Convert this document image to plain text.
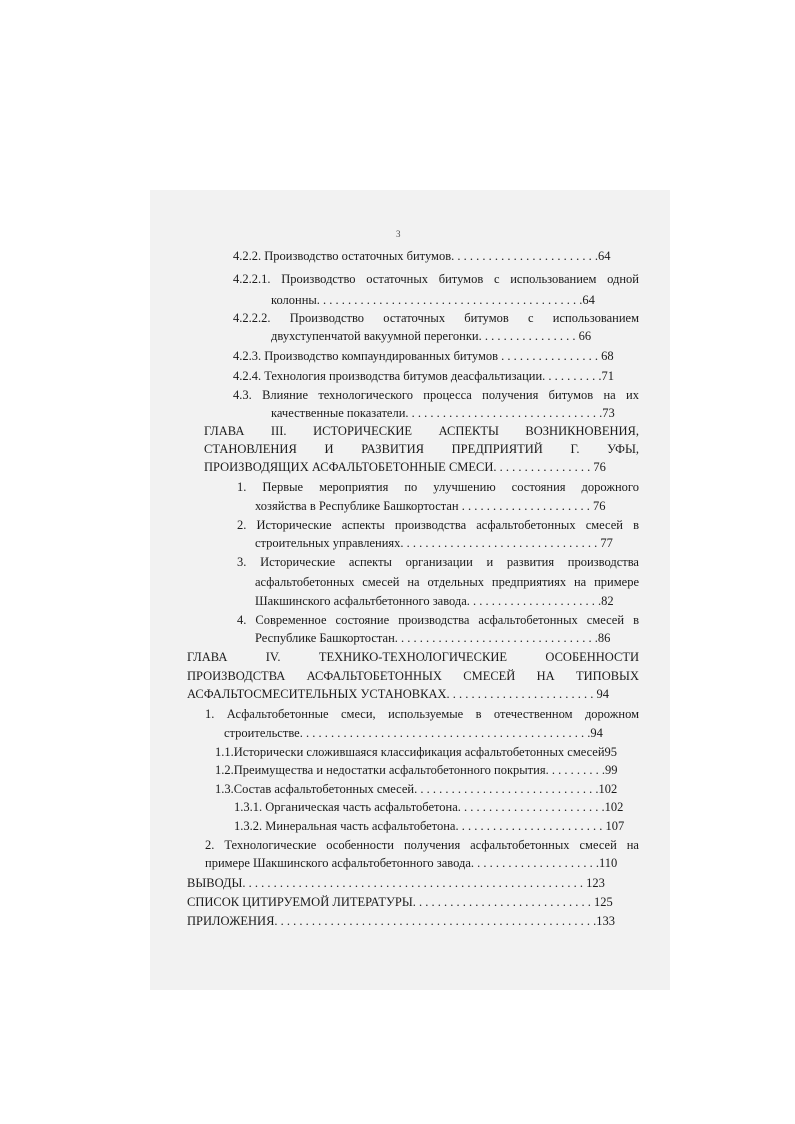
3
4.2.2. Производство остаточных битумов. . . . . . . . . . . . . . . . . . . . . . . .64
4.2.2.1. Производство остаточных битумов с использованием одной
колонны. . . . . . . . . . . . . . . . . . . . . . . . . . . . . . . . . . . . . . . . . . .64
4.2.2.2. Производство остаточных битумов с использованием
двухступенчатой вакуумной перегонки. . . . . . . . . . . . . . . . 66
4.2.3. Производство компаундированных битумов . . . . . . . . . . . . . . . . 68
4.2.4. Технология производства битумов деасфальтизации. . . . . . . . . .71
4.3. Влияние технологического процесса получения битумов на их
качественные показатели. . . . . . . . . . . . . . . . . . . . . . . . . . . . . . . .73
ГЛАВА III. ИСТОРИЧЕСКИЕ АСПЕКТЫ ВОЗНИКНОВЕНИЯ,
СТАНОВЛЕНИЯ И РАЗВИТИЯ ПРЕДПРИЯТИЙ Г. УФЫ,
ПРОИЗВОДЯЩИХ АСФАЛЬТОБЕТОННЫЕ СМЕСИ. . . . . . . . . . . . . . . . 76
1. Первые мероприятия по улучшению состояния дорожного
хозяйства в Республике Башкортостан . . . . . . . . . . . . . . . . . . . . . 76
2. Исторические аспекты производства асфальтобетонных смесей в
строительных управлениях. . . . . . . . . . . . . . . . . . . . . . . . . . . . . . . . 77
3. Исторические аспекты организации и развития производства
асфальтобетонных смесей на отдельных предприятиях на примере
Шакшинского асфальтбетонного завода. . . . . . . . . . . . . . . . . . . . . .82
4. Современное состояние производства асфальтобетонных смесей в
Республике Башкортостан. . . . . . . . . . . . . . . . . . . . . . . . . . . . . . . . .86
ГЛАВА IV. ТЕХНИКО-ТЕХНОЛОГИЧЕСКИЕ ОСОБЕННОСТИ
ПРОИЗВОДСТВА АСФАЛЬТОБЕТОННЫХ СМЕСЕЙ НА ТИПОВЫХ
АСФАЛЬТОСМЕСИТЕЛЬНЫХ УСТАНОВКАХ. . . . . . . . . . . . . . . . . . . . . . . . 94
1. Асфальтобетонные смеси, используемые в отечественном дорожном
строительстве. . . . . . . . . . . . . . . . . . . . . . . . . . . . . . . . . . . . . . . . . . . . . . .94
1.1.Исторически сложившаяся классификация асфальтобетонных смесей95
1.2.Преимущества и недостатки асфальтобетонного покрытия. . . . . . . . . .99
1.3.Состав асфальтобетонных смесей. . . . . . . . . . . . . . . . . . . . . . . . . . . . . .102
1.3.1. Органическая часть асфальтобетона. . . . . . . . . . . . . . . . . . . . . . . .102
1.3.2. Минеральная часть асфальтобетона. . . . . . . . . . . . . . . . . . . . . . . . 107
2. Технологические особенности получения асфальтобетонных смесей на
примере Шакшинского асфальтобетонного завода. . . . . . . . . . . . . . . . . . . . .110
ВЫВОДЫ. . . . . . . . . . . . . . . . . . . . . . . . . . . . . . . . . . . . . . . . . . . . . . . . . . . . . . . 123
СПИСОК ЦИТИРУЕМОЙ ЛИТЕРАТУРЫ. . . . . . . . . . . . . . . . . . . . . . . . . . . . . 125
ПРИЛОЖЕНИЯ. . . . . . . . . . . . . . . . . . . . . . . . . . . . . . . . . . . . . . . . . . . . . . . . . . . .133
